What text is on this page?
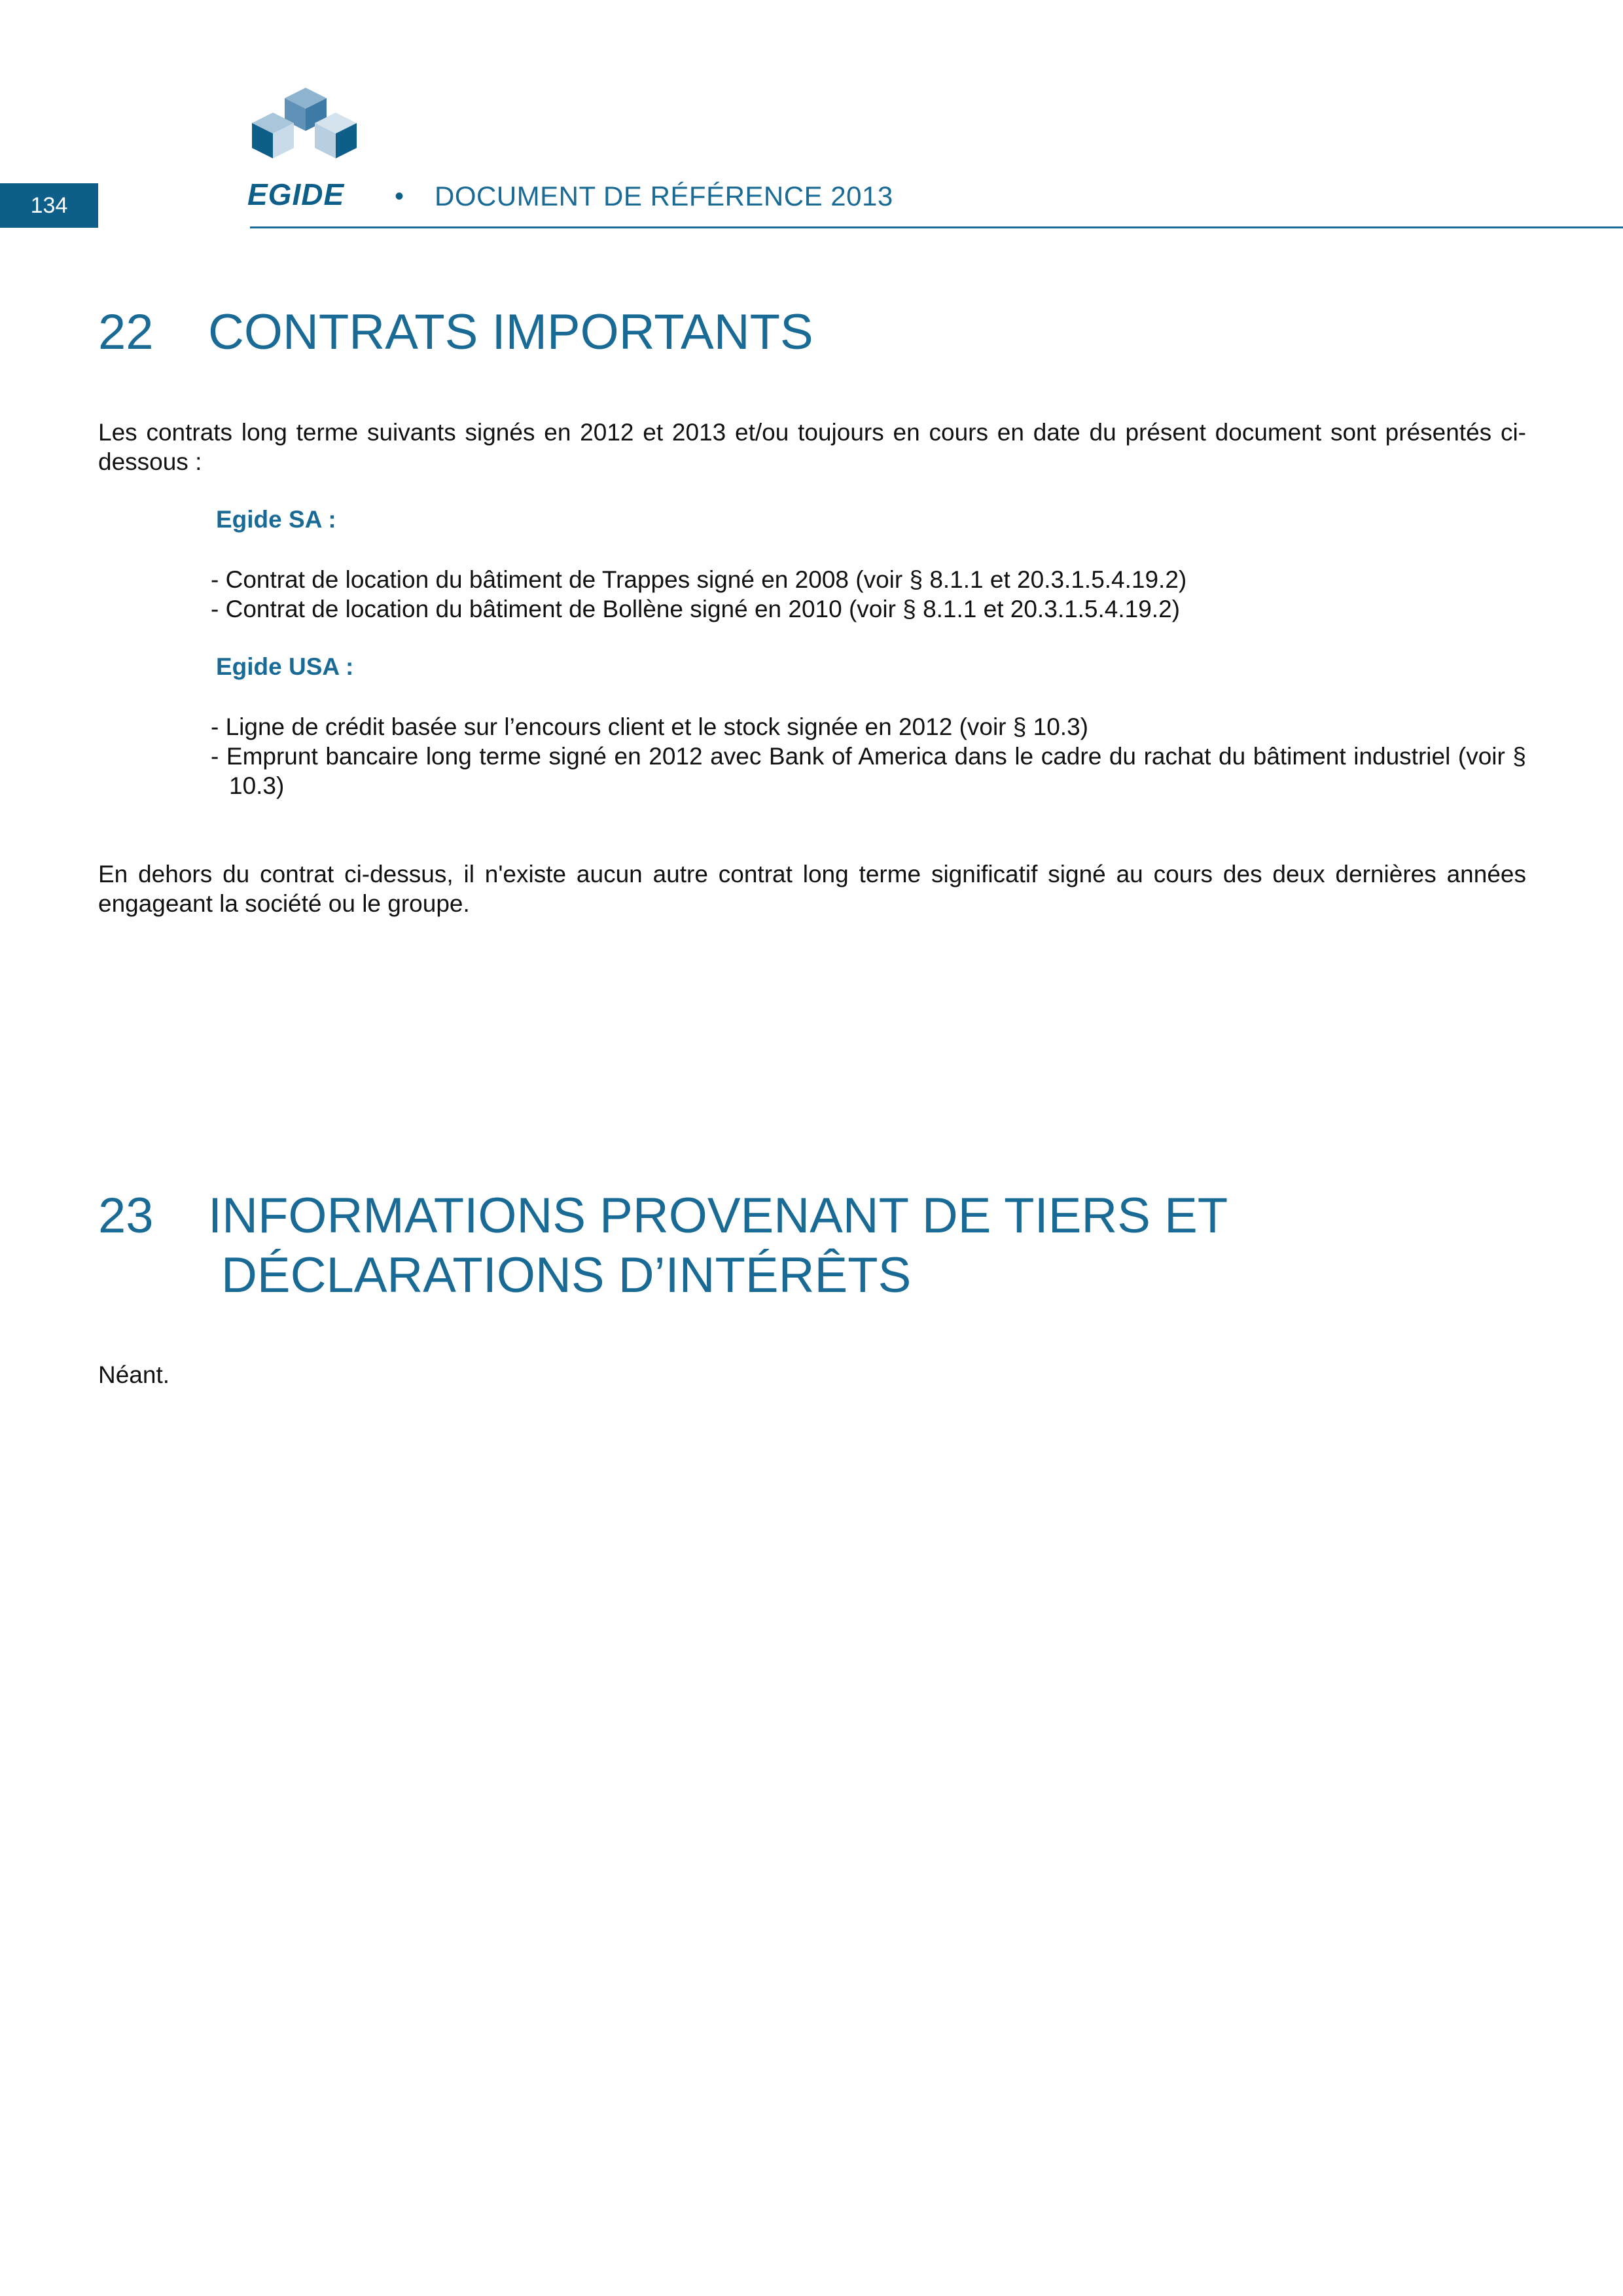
134	EGIDE • DOCUMENT DE RÉFÉRENCE 2013
22 CONTRATS IMPORTANTS

Les contrats long terme suivants signés en 2012 et 2013 et/ou toujours en cours en date du présent document sont présentés ci-dessous :

Egide SA :

- Contrat de location du bâtiment de Trappes signé en 2008 (voir § 8.1.1 et 20.3.1.5.4.19.2)
- Contrat de location du bâtiment de Bollène signé en 2010 (voir § 8.1.1 et 20.3.1.5.4.19.2)

Egide USA :

- Ligne de crédit basée sur l’encours client et le stock signée en 2012 (voir § 10.3)
- Emprunt bancaire long terme signé en 2012 avec Bank of America dans le cadre du rachat du bâtiment industriel (voir § 10.3)

En dehors du contrat ci-dessus, il n'existe aucun autre contrat long terme significatif signé au cours des deux dernières années engageant la société ou le groupe.

23 INFORMATIONS PROVENANT DE TIERS ET
DÉCLARATIONS D’INTÉRÊTS

Néant.
